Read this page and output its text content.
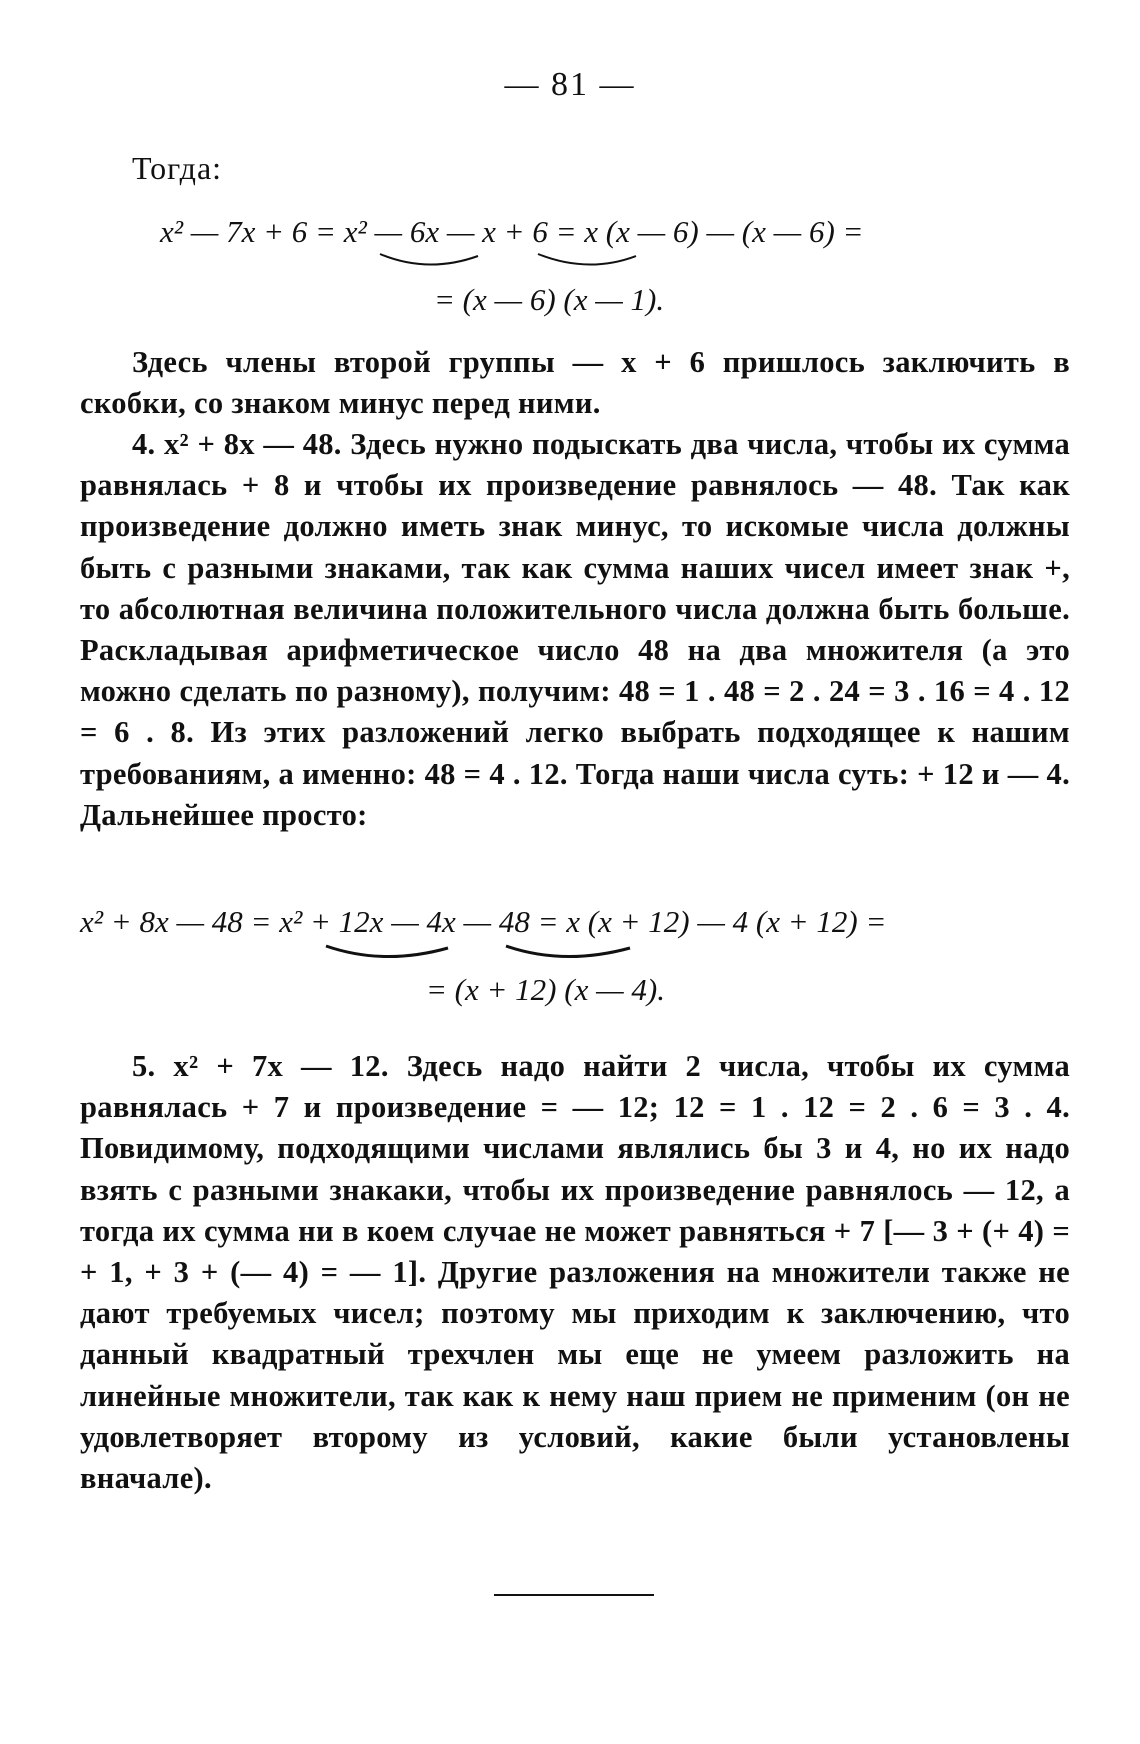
— 81 —
Тогда:
x² — 7x + 6 = x² — 6x — x + 6 = x (x — 6) — (x — 6) =
= (x — 6) (x — 1).
Здесь члены второй группы — x + 6 пришлось заключить в скобки, со знаком минус перед ними.
4. x² + 8x — 48. Здесь нужно подыскать два числа, чтобы их сумма равнялась + 8 и чтобы их произведение равнялось — 48. Так как произведение должно иметь знак минус, то искомые числа должны быть с разными знаками, так как сумма наших чисел имеет знак +, то абсолютная величина положительного числа должна быть больше. Раскладывая арифметическое число 48 на два множителя (а это можно сделать по разному), получим: 48 = 1 . 48 = 2 . 24 = 3 . 16 = 4 . 12 = 6 . 8. Из этих разложений легко выбрать подходящее к нашим требованиям, а именно: 48 = 4 . 12. Тогда наши числа суть: + 12 и — 4. Дальнейшее просто:
x² + 8x — 48 = x² + 12x — 4x — 48 = x (x + 12) — 4 (x + 12) =
= (x + 12) (x — 4).
5. x² + 7x — 12. Здесь надо найти 2 числа, чтобы их сумма равнялась + 7 и произведение = — 12; 12 = 1 . 12 = 2 . 6 = 3 . 4. Повидимому, подходящими числами являлись бы 3 и 4, но их надо взять с разными знакаки, чтобы их произведение равнялось — 12, а тогда их сумма ни в коем случае не может равняться + 7 [— 3 + (+ 4) = + 1, + 3 + (— 4) = — 1]. Другие разложения на множители также не дают требуемых чисел; поэтому мы приходим к заключению, что данный квадратный трехчлен мы еще не умеем разложить на линейные множители, так как к нему наш прием не применим (он не удовлетворяет второму из условий, какие были установлены вначале).
